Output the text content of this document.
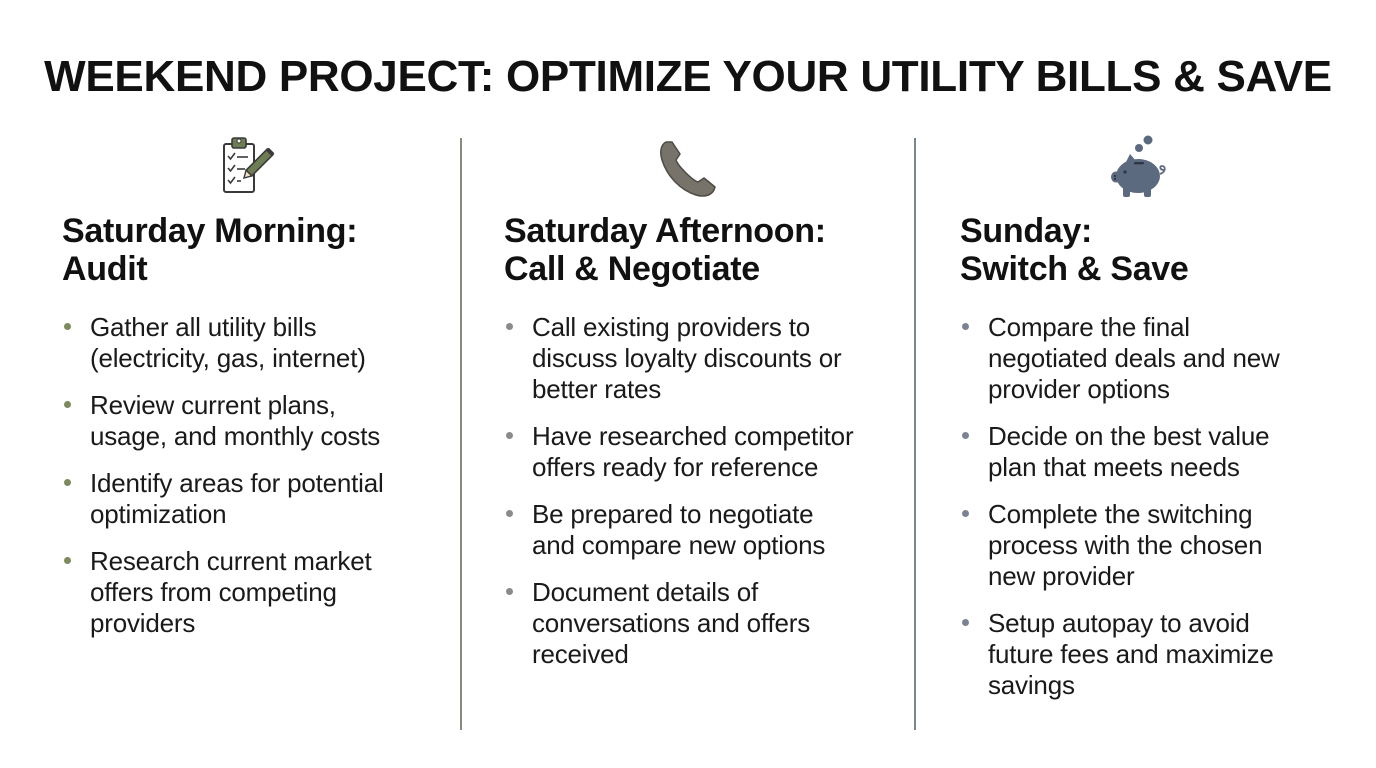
WEEKEND PROJECT: OPTIMIZE YOUR UTILITY BILLS & SAVE
Saturday Morning:
Audit
Gather all utility bills
(electricity, gas, internet)
Review current plans,
usage, and monthly costs
Identify areas for potential
optimization
Research current market
offers from competing
providers
Saturday Afternoon:
Call & Negotiate
Call existing providers to
discuss loyalty discounts or
better rates
Have researched competitor
offers ready for reference
Be prepared to negotiate
and compare new options
Document details of
conversations and offers
received
Sunday:
Switch & Save
Compare the final
negotiated deals and new
provider options
Decide on the best value
plan that meets needs
Complete the switching
process with the chosen
new provider
Setup autopay to avoid
future fees and maximize
savings
